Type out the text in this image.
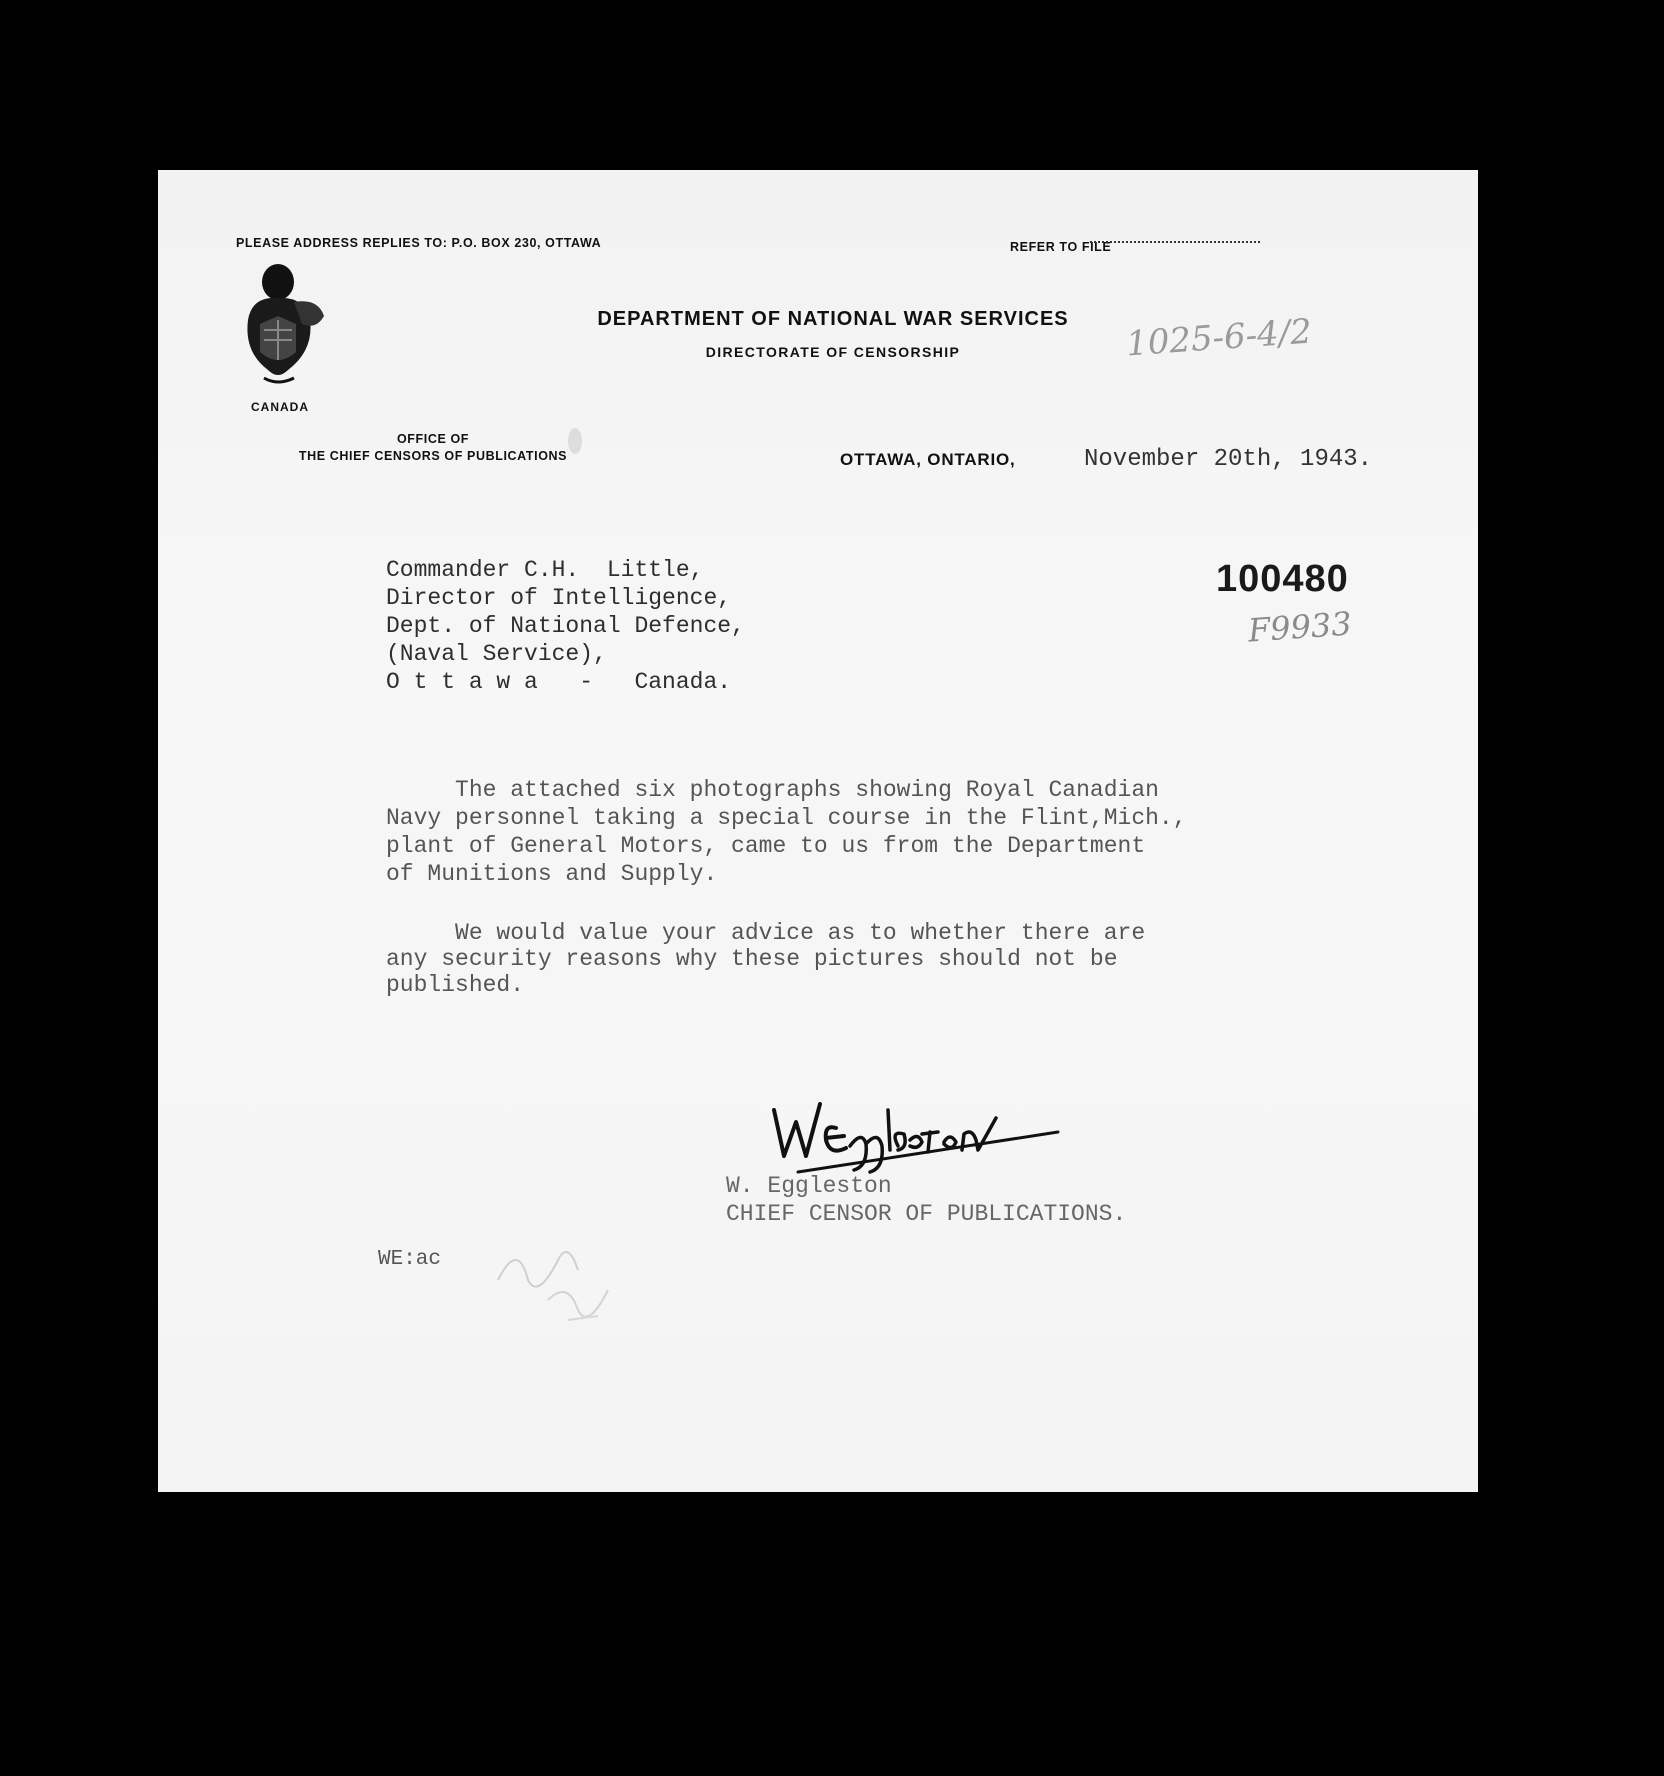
PLEASE ADDRESS REPLIES TO: P.O. BOX 230, OTTAWA	REFER TO FILE
CANADA
DEPARTMENT OF NATIONAL WAR SERVICES
DIRECTORATE OF CENSORSHIP	1025-6-4/2
OFFICE OF
THE CHIEF CENSORS OF PUBLICATIONS	OTTAWA, ONTARIO,	November 20th, 1943.
Commander C.H.  Little,
Director of Intelligence,
Dept. of National Defence,
(Naval Service),
O t t a w a   -   Canada.
100480
F9933
The attached six photographs showing Royal Canadian
Navy personnel taking a special course in the Flint,Mich.,
plant of General Motors, came to us from the Department
of Munitions and Supply.
We would value your advice as to whether there are
any security reasons why these pictures should not be
published.
W. Eggleston
CHIEF CENSOR OF PUBLICATIONS.
WE:ac
